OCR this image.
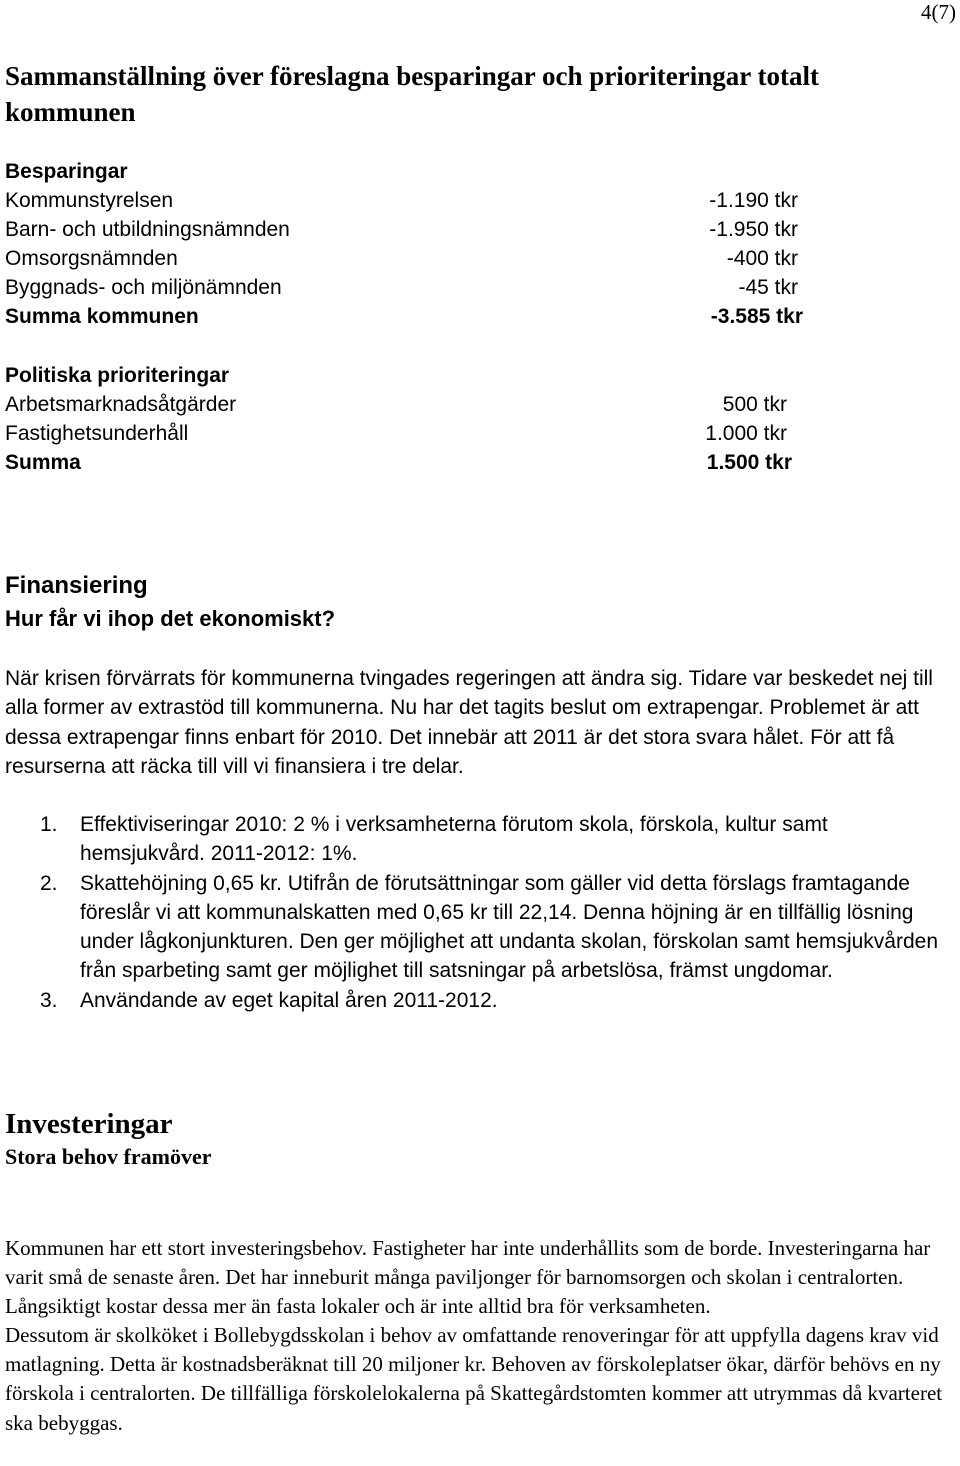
4(7)
Sammanställning över föreslagna besparingar och prioriteringar totalt kommunen
Besparingar
Kommunstyrelsen	-1.190 tkr
Barn- och utbildningsnämnden	-1.950 tkr
Omsorgsnämnden	-400 tkr
Byggnads- och miljönämnden	-45 tkr
Summa kommunen	-3.585 tkr
Politiska prioriteringar
Arbetsmarknadsåtgärder	500 tkr
Fastighetsunderhåll	1.000 tkr
Summa	1.500 tkr
Finansiering
Hur får vi ihop det ekonomiskt?

När krisen förvärrats för kommunerna tvingades regeringen att ändra sig. Tidare var beskedet nej till alla former av extrastöd till kommunerna. Nu har det tagits beslut om extrapengar. Problemet är att dessa extrapengar finns enbart för 2010. Det innebär att 2011 är det stora svara hålet. För att få resurserna att räcka till vill vi finansiera i tre delar.

1. Effektiviseringar 2010: 2 % i verksamheterna förutom skola, förskola, kultur samt hemsjukvård. 2011-2012: 1%.
2. Skattehöjning 0,65 kr. Utifrån de förutsättningar som gäller vid detta förslags framtagande föreslår vi att kommunalskatten med 0,65 kr till 22,14. Denna höjning är en tillfällig lösning under lågkonjunkturen. Den ger möjlighet att undanta skolan, förskolan samt hemsjukvården från sparbeting samt ger möjlighet till satsningar på arbetslösa, främst ungdomar.
3. Användande av eget kapital åren 2011-2012.
Investeringar
Stora behov framöver
Kommunen har ett stort investeringsbehov. Fastigheter har inte underhållits som de borde. Investeringarna har varit små de senaste åren. Det har inneburit många paviljonger för barnomsorgen och skolan i centralorten. Långsiktigt kostar dessa mer än fasta lokaler och är inte alltid bra för verksamheten.
Dessutom är skolköket i Bollebygdsskolan i behov av omfattande renoveringar för att uppfylla dagens krav vid matlagning. Detta är kostnadsberäknat till 20 miljoner kr. Behoven av förskoleplatser ökar, därför behövs en ny förskola i centralorten. De tillfälliga förskolelokalerna på Skattegårdstomten kommer att utrymmas då kvarteret ska bebyggas.
